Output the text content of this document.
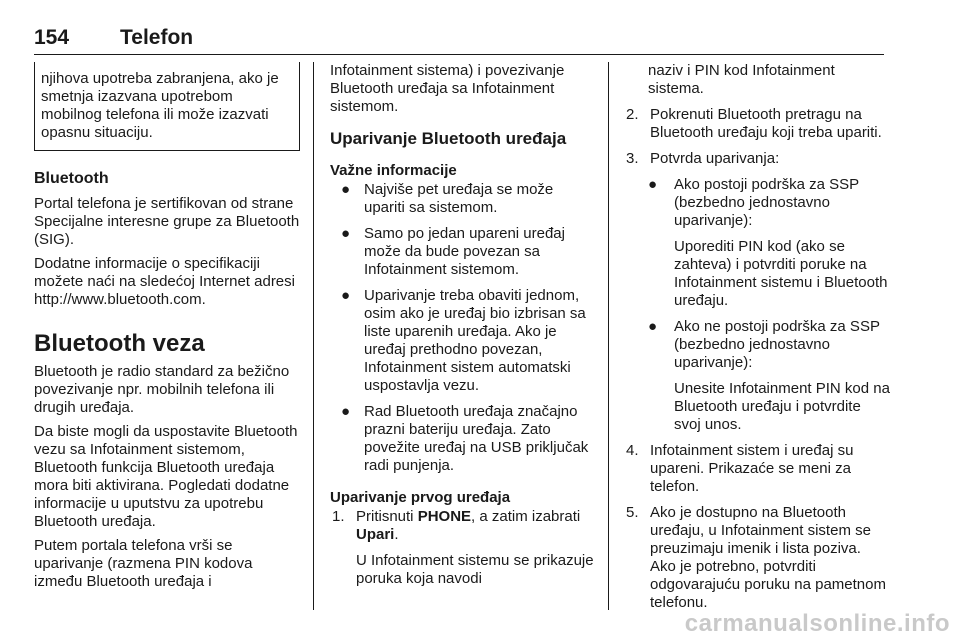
154 Telefon
njihova upotreba zabranjena, ako je smetnja izazvana upotrebom mobilnog telefona ili može izazvati opasnu situaciju.
Bluetooth

Portal telefona je sertifikovan od strane Specijalne interesne grupe za Bluetooth (SIG).

Dodatne informacije o specifikaciji možete naći na sledećoj Internet adresi http://www.bluetooth.com.

Bluetooth veza

Bluetooth je radio standard za bežično povezivanje npr. mobilnih telefona ili drugih uređaja.

Da biste mogli da uspostavite Bluetooth vezu sa Infotainment sistemom, Bluetooth funkcija Bluetooth uređaja mora biti aktivirana. Pogledati dodatne informacije u uputstvu za upotrebu Bluetooth uređaja.

Putem portala telefona vrši se uparivanje (razmena PIN kodova između Bluetooth uređaja i

Infotainment sistema) i povezivanje Bluetooth uređaja sa Infotainment sistemom.

Uparivanje Bluetooth uređaja
Važne informacije
● Najviše pet uređaja se može upariti sa sistemom.
● Samo po jedan upareni uređaj može da bude povezan sa Infotainment sistemom.
● Uparivanje treba obaviti jednom, osim ako je uređaj bio izbrisan sa liste uparenih uređaja. Ako je uređaj prethodno povezan, Infotainment sistem automatski uspostavlja vezu.
● Rad Bluetooth uređaja značajno prazni bateriju uređaja. Zato povežite uređaj na USB priključak radi punjenja.
Uparivanje prvog uređaja
1. Pritisnuti PHONE, a zatim izabrati Upari.

U Infotainment sistemu se prikazuje poruka koja navodi

naziv i PIN kod Infotainment sistema.

2. Pokrenuti Bluetooth pretragu na Bluetooth uređaju koji treba upariti.
3. Potvrda uparivanja:
● Ako postoji podrška za SSP (bezbedno jednostavno uparivanje):

Uporediti PIN kod (ako se zahteva) i potvrditi poruke na Infotainment sistemu i Bluetooth uređaju.

● Ako ne postoji podrška za SSP (bezbedno jednostavno uparivanje):

Unesite Infotainment PIN kod na Bluetooth uređaju i potvrdite svoj unos.

4. Infotainment sistem i uređaj su upareni. Prikazaće se meni za telefon.
5. Ako je dostupno na Bluetooth uređaju, u Infotainment sistem se preuzimaju imenik i lista poziva. Ako je potrebno, potvrditi odgovarajuću poruku na pametnom telefonu.
carmanualsonline.info
